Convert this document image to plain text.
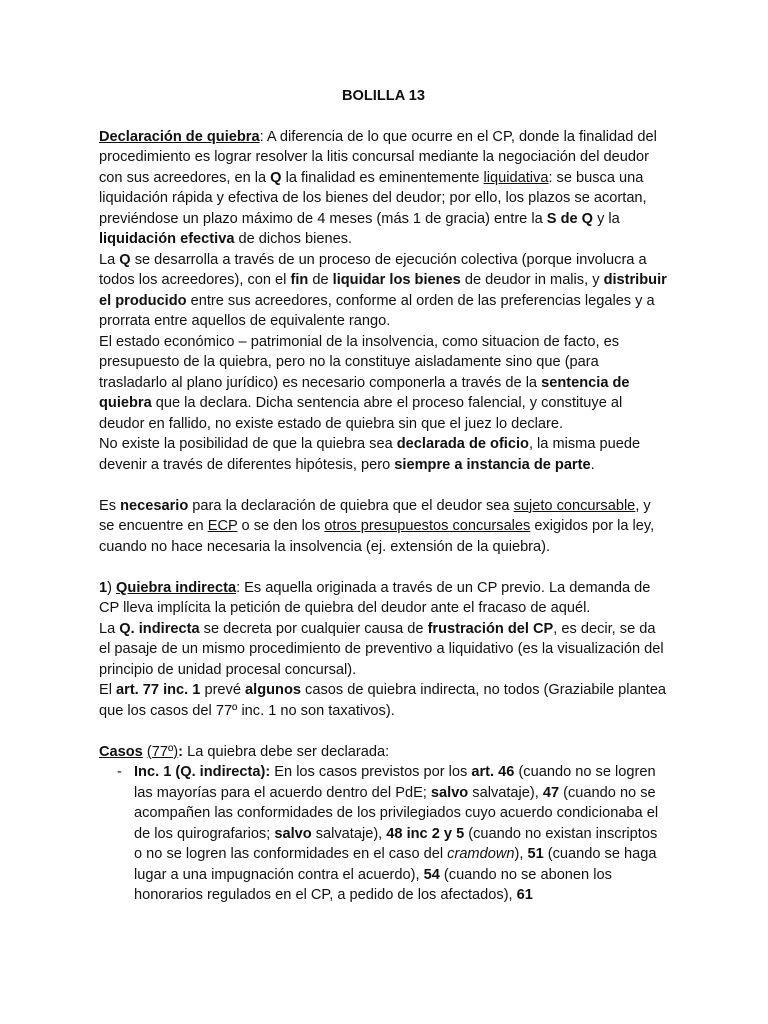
BOLILLA 13

Declaración de quiebra: A diferencia de lo que ocurre en el CP, donde la finalidad del procedimiento es lograr resolver la litis concursal mediante la negociación del deudor con sus acreedores, en la Q la finalidad es eminentemente liquidativa: se busca una liquidación rápida y efectiva de los bienes del deudor; por ello, los plazos se acortan, previéndose un plazo máximo de 4 meses (más 1 de gracia) entre la S de Q y la liquidación efectiva de dichos bienes.

La Q se desarrolla a través de un proceso de ejecución colectiva (porque involucra a todos los acreedores), con el fin de liquidar los bienes de deudor in malis, y distribuir el producido entre sus acreedores, conforme al orden de las preferencias legales y a prorrata entre aquellos de equivalente rango.

El estado económico – patrimonial de la insolvencia, como situacion de facto, es presupuesto de la quiebra, pero no la constituye aisladamente sino que (para trasladarlo al plano jurídico) es necesario componerla a través de la sentencia de quiebra que la declara. Dicha sentencia abre el proceso falencial, y constituye al deudor en fallido, no existe estado de quiebra sin que el juez lo declare.

No existe la posibilidad de que la quiebra sea declarada de oficio, la misma puede devenir a través de diferentes hipótesis, pero siempre a instancia de parte.

Es necesario para la declaración de quiebra que el deudor sea sujeto concursable, y se encuentre en ECP o se den los otros presupuestos concursales exigidos por la ley, cuando no hace necesaria la insolvencia (ej. extensión de la quiebra).

1) Quiebra indirecta: Es aquella originada a través de un CP previo. La demanda de CP lleva implícita la petición de quiebra del deudor ante el fracaso de aquél.

La Q. indirecta se decreta por cualquier causa de frustración del CP, es decir, se da el pasaje de un mismo procedimiento de preventivo a liquidativo (es la visualización del principio de unidad procesal concursal).

El art. 77 inc. 1 prevé algunos casos de quiebra indirecta, no todos (Graziabile plantea que los casos del 77º inc. 1 no son taxativos).

Casos (77º): La quiebra debe ser declarada:

- Inc. 1 (Q. indirecta): En los casos previstos por los art. 46 (cuando no se logren las mayorías para el acuerdo dentro del PdE; salvo salvataje), 47 (cuando no se acompañen las conformidades de los privilegiados cuyo acuerdo condicionaba el de los quirografarios; salvo salvataje), 48 inc 2 y 5 (cuando no existan inscriptos o no se logren las conformidades en el caso del cramdown), 51 (cuando se haga lugar a una impugnación contra el acuerdo), 54 (cuando no se abonen los honorarios regulados en el CP, a pedido de los afectados), 61
